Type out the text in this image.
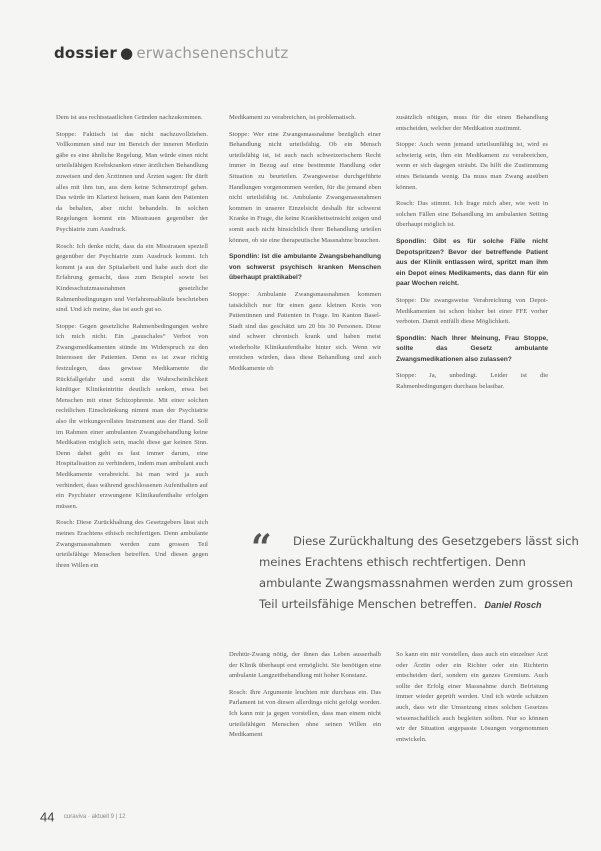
dossier ● erwachsenenschutz

Dem ist aus rechtsstaatlichen Gründen nachzukommen.

Stoppe: Faktisch ist das nicht nachzuvollziehen. Vollkommen sind nur im Bereich der inneren Medizin gäbe es eine ähnliche Regelung. Man würde einen nicht urteilsfähigen Krebskranken einer ärztlichen Behandlung zuweisen und den Ärztinnen und Ärzten sagen: Ihr dürft alles mit ihm tun, aus dem keine Schmerztropf gehen. Das würde im Klartext heissen, man kann den Patienten da behalten, aber nicht behandeln. In solchen Regelungen kommt ein Misstrauen gegenüber der Psychiatrie zum Ausdruck.

Rosch: Ich denke nicht, dass da ein Misstrauen speziell gegenüber der Psychiatrie zum Ausdruck kommt. Ich kommt ja aus der Spitalarbeit und habe auch dort die Erfahrung gemacht, dass zum Beispiel sowie bei Kindesschutzmassnahmen gesetzliche Rahmenbedingungen und Verfahrensabläufe beschrieben sind. Und ich meine, das ist auch gut so.

Stoppe: Gegen gesetzliche Rahmenbedingungen wehre ich mich nicht. Ein „pauschales“ Verbot von Zwangsmedikamenten stünde im Widerspruch zu den Interessen der Patienten. Denn es ist zwar richtig festzulegen, dass gewisse Medikamente die Rückfallgefahr und somit die Wahrscheinlichkeit künftiger Klinikeintritte deutlich senken, etwa bei Menschen mit einer Schizophrenie. Mit einer solchen rechtlichen Einschränkung nimmt man der Psychiatrie also ihr wirkungsvollstes Instrument aus der Hand. Soll im Rahmen einer ambulanten Zwangsbehandlung keine Medikation möglich sein, macht diese gar keinen Sinn. Denn dabei geht es fast immer darum, eine Hospitalisation zu verhindern, indem man ambulant auch Medikamente verabreicht. Ist man wird ja auch verhindert, dass während geschlossenen Aufenthalten auf ein Psychiater erzwungene Klinikaufenthalte erfolgen müssen.

Rosch: Diese Zurückhaltung des Gesetzgebers lässt sich meines Erachtens ethisch rechtfertigen. Denn ambulante Zwangsmassnahmen werden zum grossen Teil urteilsfähige Menschen betreffen. Und diesen gegen ihren Willen ein

Medikament zu verabreichen, ist problematisch.

Stoppe: Wer eine Zwangsmassnahme bezüglich einer Behandlung nicht urteilsfähig. Ob ein Mensch urteilsfähig ist, ist auch nach schweizerischem Recht immer in Bezug auf eine bestimmte Handlung oder Situation zu beurteilen. Zwangsweise durchgeführte Handlungen vorgenommen werden, für die jemand eben nicht urteilsfähig ist. Ambulante Zwangsmassnahmen kommen in unserer Einzelsicht deshalb für schwerst Kranke in Frage, die keine Krankheitseinsicht zeigen und somit auch nicht hinsichtlich ihrer Behandlung urteilen können, ob sie eine therapeutische Massnahme brauchen.

Spondlin: Ist die ambulante Zwangsbehandlung von schwerst psychisch kranken Menschen überhaupt praktikabel?

Stoppe: Ambulante Zwangsmassnahmen kommen tatsächlich nur für einen ganz kleinen Kreis von Patientinnen und Patienten in Frage. Im Kanton Basel-Stadt sind das geschätzt um 20 bis 30 Personen. Diese sind schwer chronisch krank und haben meist wiederholte Klinikaufenthalte hinter sich. Wenn wir erreichen würden, dass diese Behandlung und auch Medikamente ob

zusätzlich nötigen, muss für die einen Behandlung entscheiden, welcher der Medikation zustimmt.

Stoppe: Auch wenn jemand urteilsunfähig ist, wird es schwierig sein, ihm ein Medikament zu verabreichen, wenn er sich dagegen sträubt. Da hilft die Zustimmung eines Beistands wenig. Da muss man Zwang ausüben können.

Rosch: Das stimmt. Ich frage mich aber, wie weit in solchen Fällen eine Behandlung im ambulanten Setting überhaupt möglich ist.

Spondlin: Gibt es für solche Fälle nicht Depotspritzen? Bevor der betreffende Patient aus der Klinik entlassen wird, spritzt man ihm ein Depot eines Medikaments, das dann für ein paar Wochen reicht.

Stoppe: Die zwangsweise Verabreichung von Depot-Medikamenten ist schon bisher bei einer FFE vorher verboten. Damit entfällt diese Möglichkeit.

Spondlin: Nach Ihrer Meinung, Frau Stoppe, sollte das Gesetz ambulante Zwangsmedikationen also zulassen?

Stoppe: Ja, unbedingt. Leider ist die Rahmenbedingungen durchaus belastbar.

“	Diese Zurückhaltung des Gesetzgebers lässt sich meines Erachtens ethisch rechtfertigen. Denn ambulante Zwangsmassnahmen werden zum grossen Teil urteilsfähige Menschen betreffen. Daniel Rosch

Drehtür-Zwang nötig, der ihnen das Leben ausserhalb der Klinik überhaupt erst ermöglicht. Sie benötigen eine ambulante Langzeitbehandlung mit hoher Konstanz.

Rosch: Ihre Argumente leuchten mir durchaus ein. Das Parlament ist von diesen allerdings nicht gefolgt worden. Ich kann mir ja gegen vorstellen, dass man einem nicht urteilsfähigen Menschen ohne seinen Willen ein Medikament

So kann ein mir vorstellen, dass auch ein einzelner Arzt oder Ärztin oder ein Richter oder ein Richterin entscheiden darf, sondern ein ganzes Gremium. Auch sollte der Erfolg einer Massnahme durch Befristung immer wieder geprüft werden. Und ich würde schätzen auch, dass wir die Umsetzung eines solchen Gesetzes wissenschaftlich auch begleiten sollten. Nur so können wir der Situation angepasste Lösungen vorgenommen entwickeln.

44 curaviva · aktuell 9 | 12
